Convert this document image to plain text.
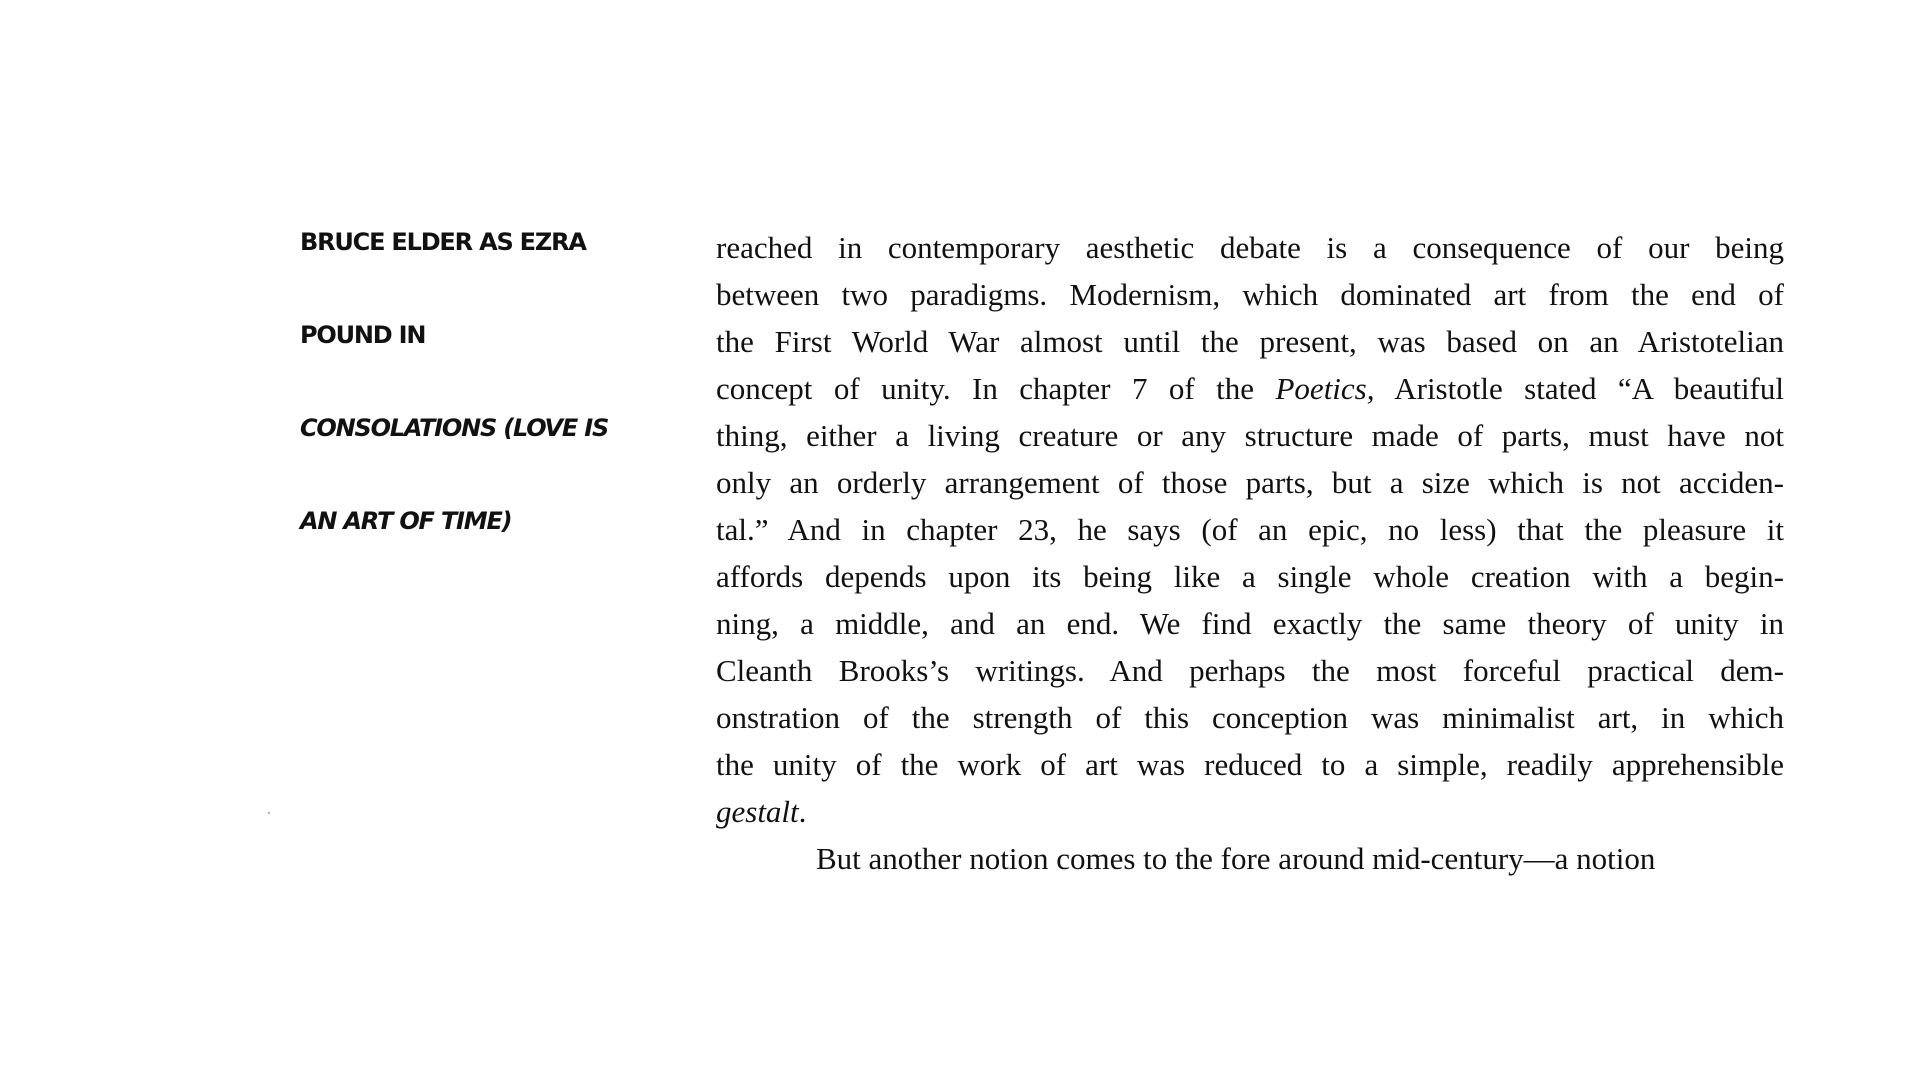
BRUCE ELDER AS EZRA
POUND IN
CONSOLATIONS (LOVE IS
AN ART OF TIME)
reached in contemporary aesthetic debate is a consequence of our being
between two paradigms. Modernism, which dominated art from the end of
the First World War almost until the present, was based on an Aristotelian
concept of unity. In chapter 7 of the Poetics, Aristotle stated “A beautiful
thing, either a living creature or any structure made of parts, must have not
only an orderly arrangement of those parts, but a size which is not acciden-
tal.” And in chapter 23, he says (of an epic, no less) that the pleasure it
affords depends upon its being like a single whole creation with a begin-
ning, a middle, and an end. We find exactly the same theory of unity in
Cleanth Brooks’s writings. And perhaps the most forceful practical dem-
onstration of the strength of this conception was minimalist art, in which
the unity of the work of art was reduced to a simple, readily apprehensible
gestalt.
But another notion comes to the fore around mid-century—a notion
